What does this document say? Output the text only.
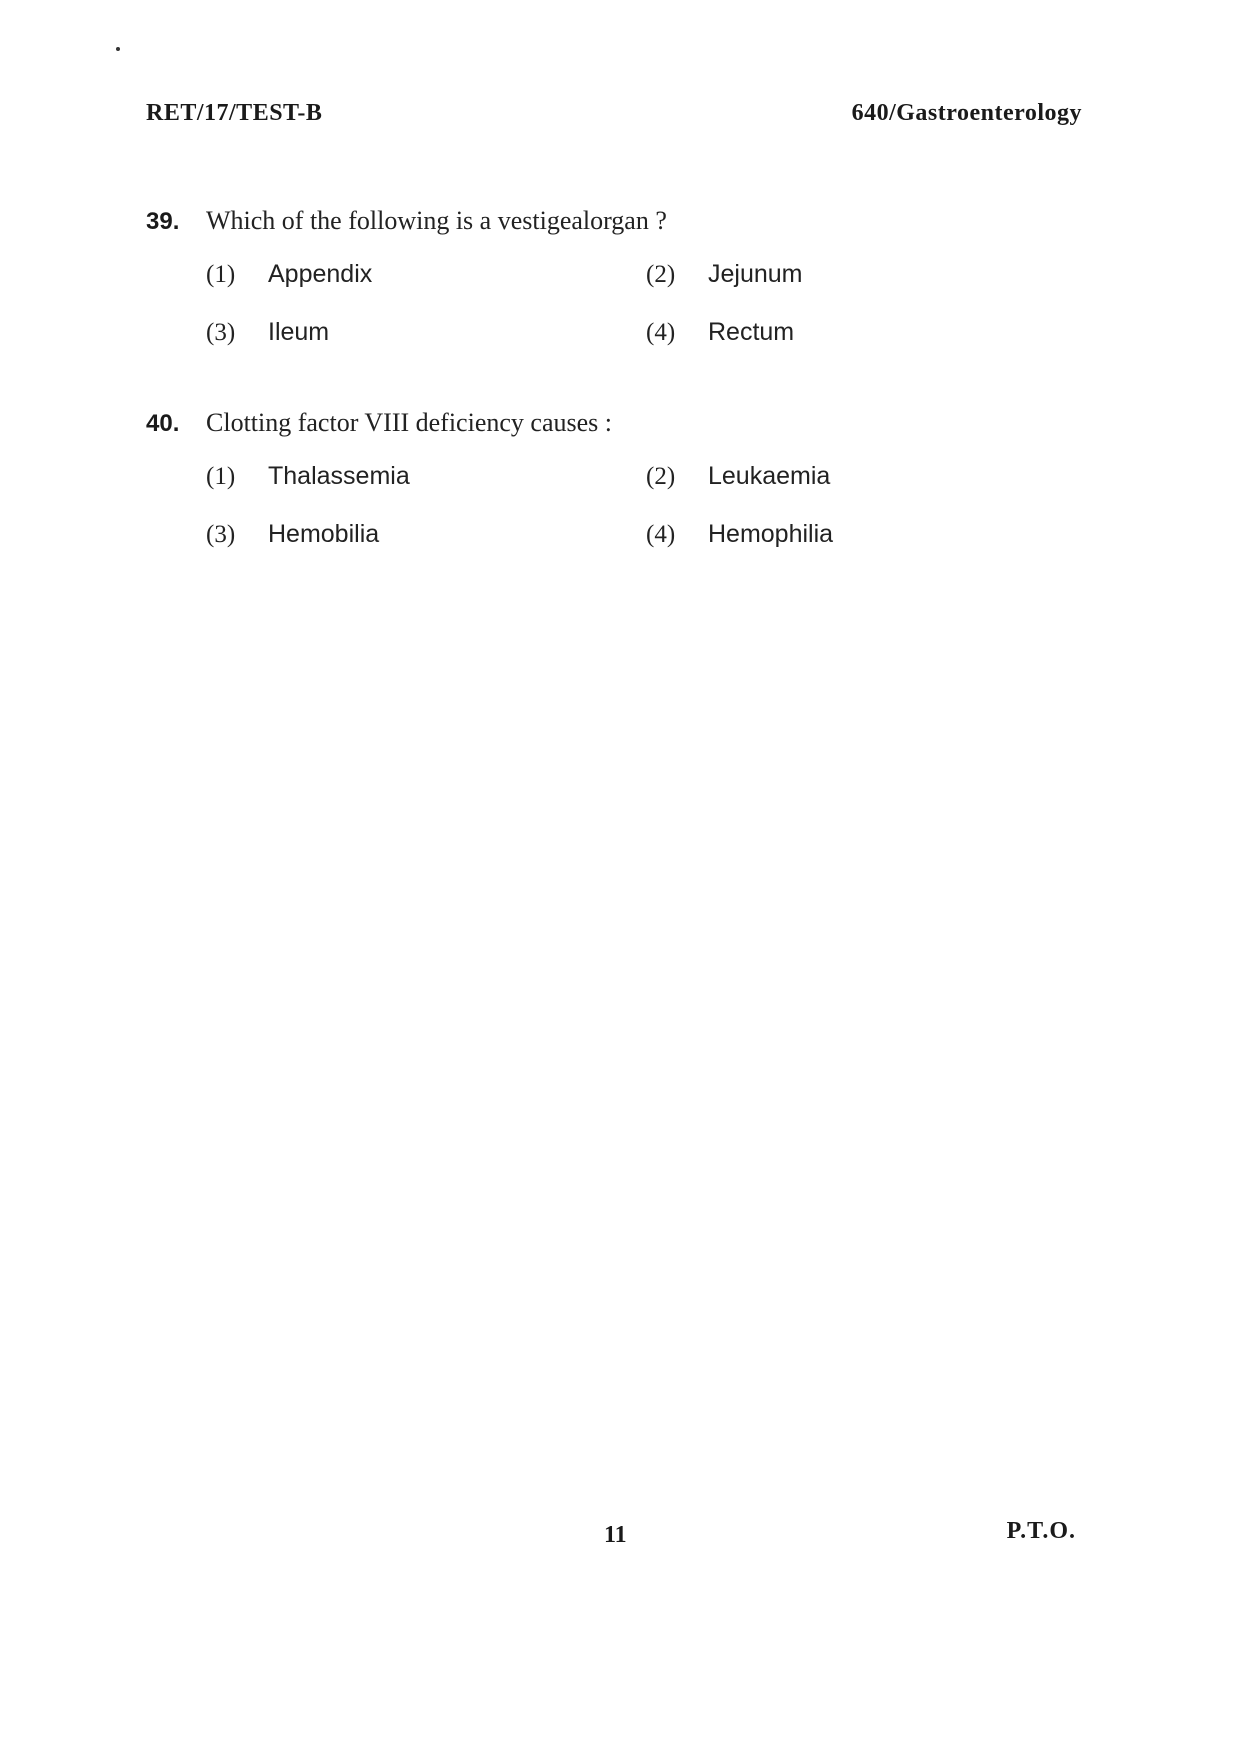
RET/17/TEST-B	640/Gastroenterology
39.	Which of the following is a vestigealorgan ?
(1)	Appendix	(2)	Jejunum
(3)	Ileum	(4)	Rectum
40.	Clotting factor VIII deficiency causes :
(1)	Thalassemia	(2)	Leukaemia
(3)	Hemobilia	(4)	Hemophilia
11	P.T.O.
